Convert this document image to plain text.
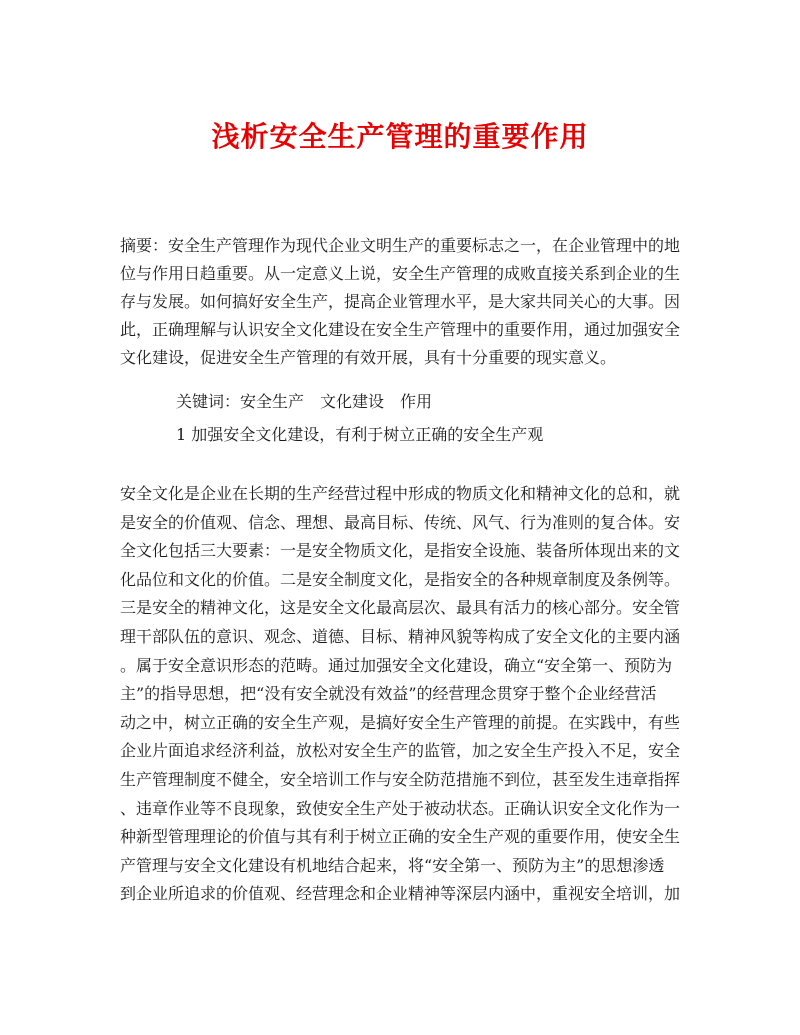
浅析安全生产管理的重要作用

摘要：安全生产管理作为现代企业文明生产的重要标志之一，在企业管理中的地
位与作用日趋重要。从一定意义上说，安全生产管理的成败直接关系到企业的生
存与发展。如何搞好安全生产，提高企业管理水平，是大家共同关心的大事。因
此，正确理解与认识安全文化建设在安全生产管理中的重要作用，通过加强安全
文化建设，促进安全生产管理的有效开展，具有十分重要的现实意义。

关键词：安全生产　文化建设　作用
1 加强安全文化建设，有利于树立正确的安全生产观

安全文化是企业在长期的生产经营过程中形成的物质文化和精神文化的总和，就
是安全的价值观、信念、理想、最高目标、传统、风气、行为准则的复合体。安
全文化包括三大要素：一是安全物质文化，是指安全设施、装备所体现出来的文
化品位和文化的价值。二是安全制度文化，是指安全的各种规章制度及条例等。
三是安全的精神文化，这是安全文化最高层次、最具有活力的核心部分。安全管
理干部队伍的意识、观念、道德、目标、精神风貌等构成了安全文化的主要内涵
。属于安全意识形态的范畴。通过加强安全文化建设，确立“安全第一、预防为
主”的指导思想，把“没有安全就没有效益”的经营理念贯穿于整个企业经营活
动之中，树立正确的安全生产观，是搞好安全生产管理的前提。在实践中，有些
企业片面追求经济利益，放松对安全生产的监管，加之安全生产投入不足，安全
生产管理制度不健全，安全培训工作与安全防范措施不到位，甚至发生违章指挥
、违章作业等不良现象，致使安全生产处于被动状态。正确认识安全文化作为一
种新型管理理论的价值与其有利于树立正确的安全生产观的重要作用，使安全生
产管理与安全文化建设有机地结合起来，将“安全第一、预防为主”的思想渗透
到企业所追求的价值观、经营理念和企业精神等深层内涵中，重视安全培训，加
